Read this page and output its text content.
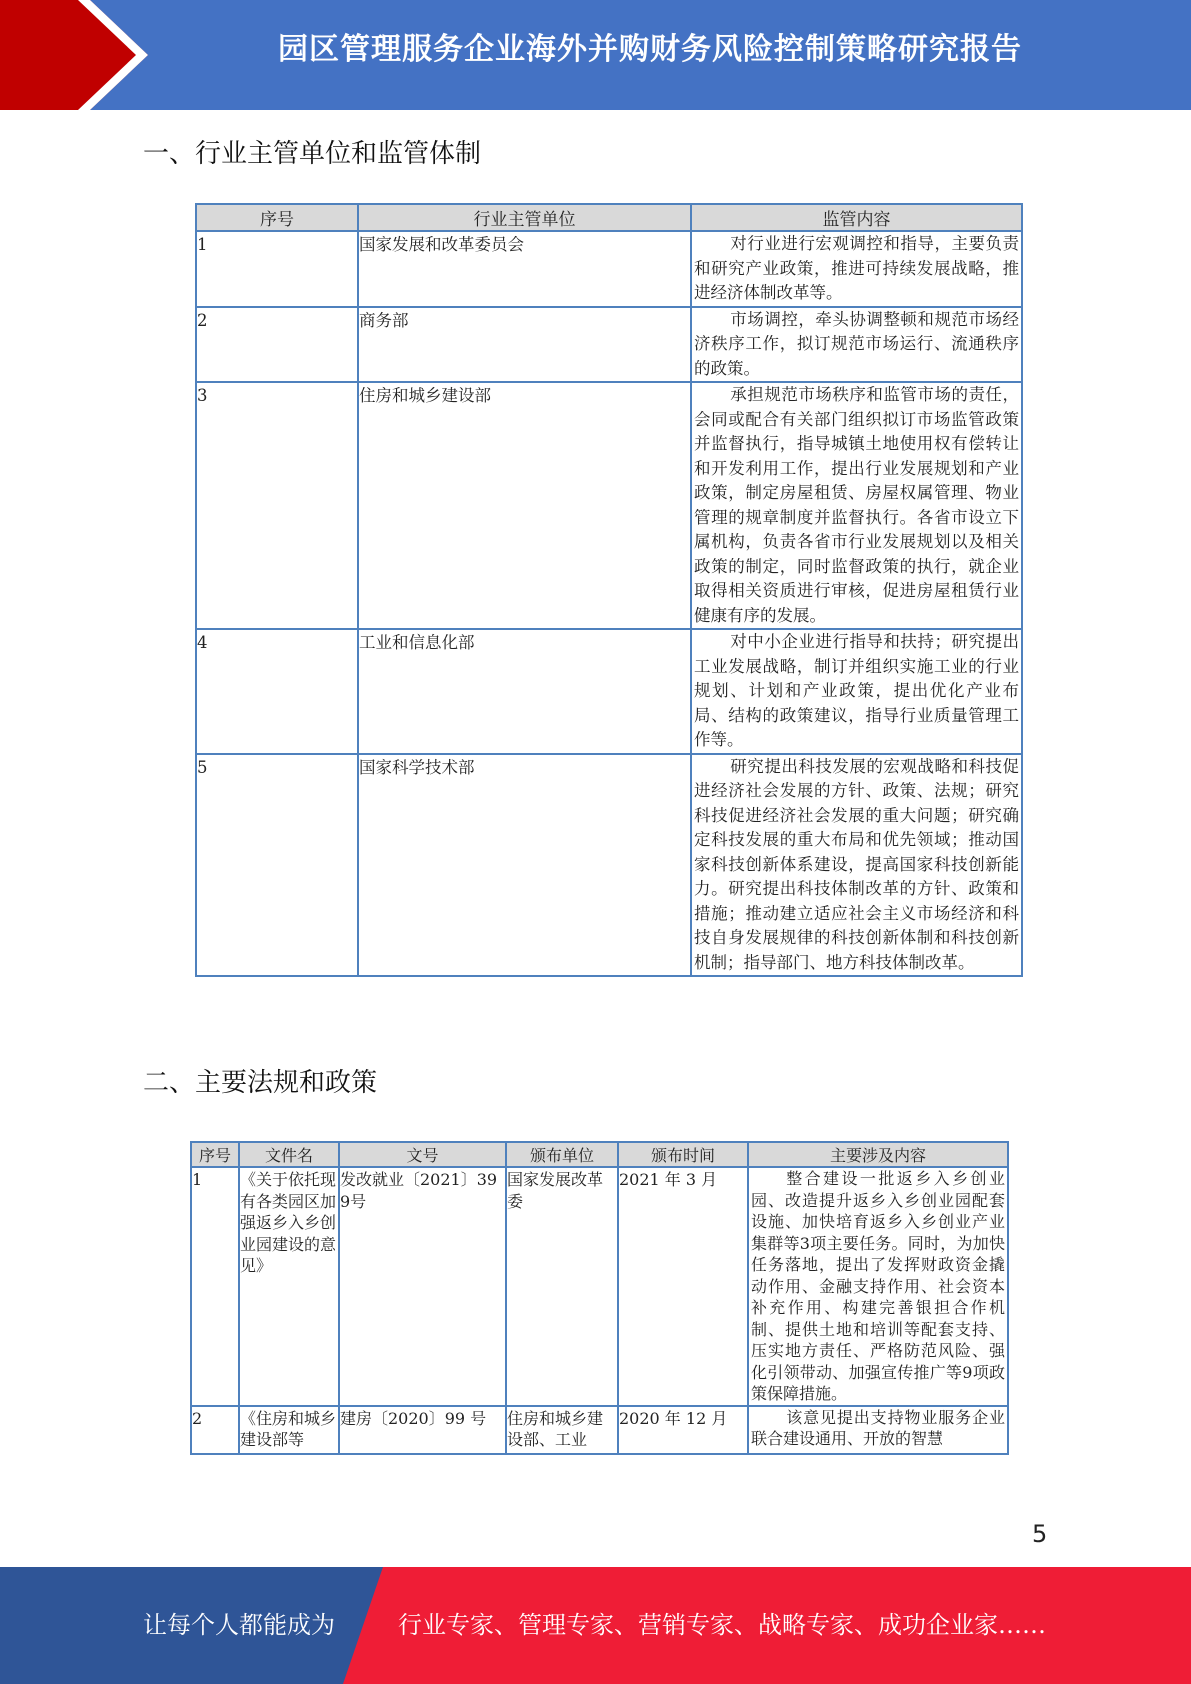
园区管理服务企业海外并购财务风险控制策略研究报告
一、行业主管单位和监管体制
序号	行业主管单位	监管内容
1	国家发展和改革委员会	对行业进行宏观调控和指导，主要负责和研究产业政策，推进可持续发展战略，推进经济体制改革等。
2	商务部	市场调控，牵头协调整顿和规范市场经济秩序工作，拟订规范市场运行、流通秩序的政策。
3	住房和城乡建设部	承担规范市场秩序和监管市场的责任，会同或配合有关部门组织拟订市场监管政策并监督执行，指导城镇土地使用权有偿转让和开发利用工作，提出行业发展规划和产业政策，制定房屋租赁、房屋权属管理、物业管理的规章制度并监督执行。各省市设立下属机构，负责各省市行业发展规划以及相关政策的制定，同时监督政策的执行，就企业取得相关资质进行审核，促进房屋租赁行业健康有序的发展。
4	工业和信息化部	对中小企业进行指导和扶持；研究提出工业发展战略，制订并组织实施工业的行业规划、计划和产业政策，提出优化产业布局、结构的政策建议，指导行业质量管理工作等。
5	国家科学技术部	研究提出科技发展的宏观战略和科技促进经济社会发展的方针、政策、法规；研究科技促进经济社会发展的重大问题；研究确定科技发展的重大布局和优先领域；推动国家科技创新体系建设，提高国家科技创新能力。研究提出科技体制改革的方针、政策和措施；推动建立适应社会主义市场经济和科技自身发展规律的科技创新体制和科技创新机制；指导部门、地方科技体制改革。
二、主要法规和政策
序号	文件名	文号	颁布单位	颁布时间	主要涉及内容
1	《关于依托现有各类园区加强返乡入乡创业园建设的意见》	发改就业〔2021〕399号	国家发展改革委	2021 年 3 月	整合建设一批返乡入乡创业园、改造提升返乡入乡创业园配套设施、加快培育返乡入乡创业产业集群等3项主要任务。同时，为加快任务落地，提出了发挥财政资金撬动作用、金融支持作用、社会资本补充作用、构建完善银担合作机制、提供土地和培训等配套支持、压实地方责任、严格防范风险、强化引领带动、加强宣传推广等9项政策保障措施。
2	《住房和城乡建设部等	建房〔2020〕99 号	住房和城乡建设部、工业	2020 年 12 月	该意见提出支持物业服务企业联合建设通用、开放的智慧
5
让每个人都能成为	行业专家、管理专家、营销专家、战略专家、成功企业家……
